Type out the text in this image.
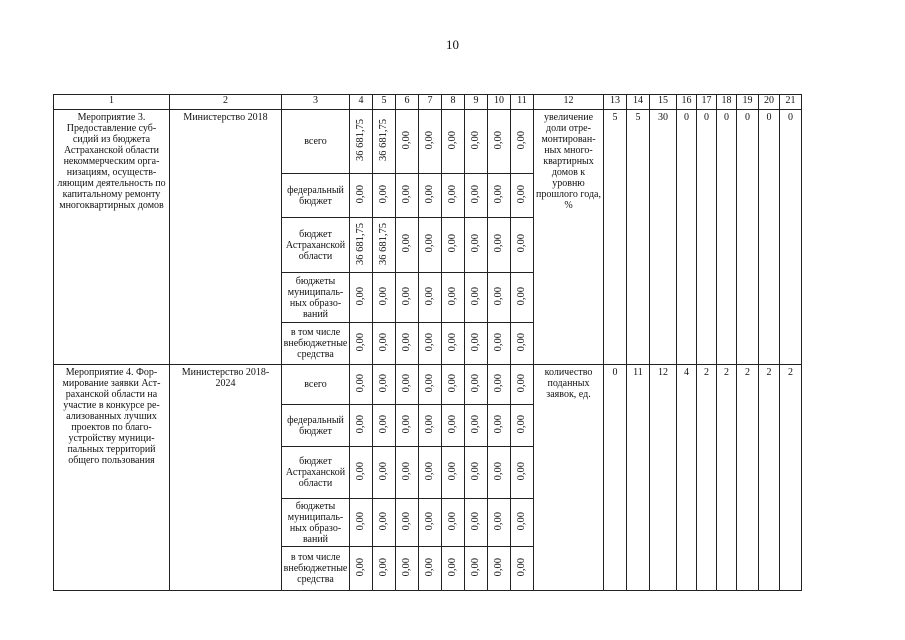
10
1	2	3	4	5	6	7	8	9	10	11	12	13	14	15	16	17	18	19	20	21
Мероприятие 3. Предоставление субсидий из бюджета Астраханской области некоммерческим организациям, осуществляющим деятельность по капитальному ремонту многоквартирных домов	Министерство 2018	всего	36 681,75	36 681,75	0,00	0,00	0,00	0,00	0,00	0,00	увеличение доли отремонтированных многоквартирных домов к уровню прошлого года, %	5	5	30	0	0	0	0	0	0
		федеральный бюджет	0,00	0,00	0,00	0,00	0,00	0,00	0,00	0,00										
		бюджет Астраханской области	36 681,75	36 681,75	0,00	0,00	0,00	0,00	0,00	0,00										
		бюджеты муниципальных образований	0,00	0,00	0,00	0,00	0,00	0,00	0,00	0,00										
		в том числе внебюджетные средства	0,00	0,00	0,00	0,00	0,00	0,00	0,00	0,00										
Мероприятие 4. Формирование заявки Астраханской области на участие в конкурсе реализованных лучших проектов по благоустройству муниципальных территорий общего пользования	Министерство 2018-2024	всего	0,00	0,00	0,00	0,00	0,00	0,00	0,00	0,00	количество поданных заявок, ед.	0	11	12	4	2	2	2	2	2
		федеральный бюджет	0,00	0,00	0,00	0,00	0,00	0,00	0,00	0,00										
		бюджет Астраханской области	0,00	0,00	0,00	0,00	0,00	0,00	0,00	0,00										
		бюджеты муниципальных образований	0,00	0,00	0,00	0,00	0,00	0,00	0,00	0,00										
		в том числе внебюджетные средства	0,00	0,00	0,00	0,00	0,00	0,00	0,00	0,00										
